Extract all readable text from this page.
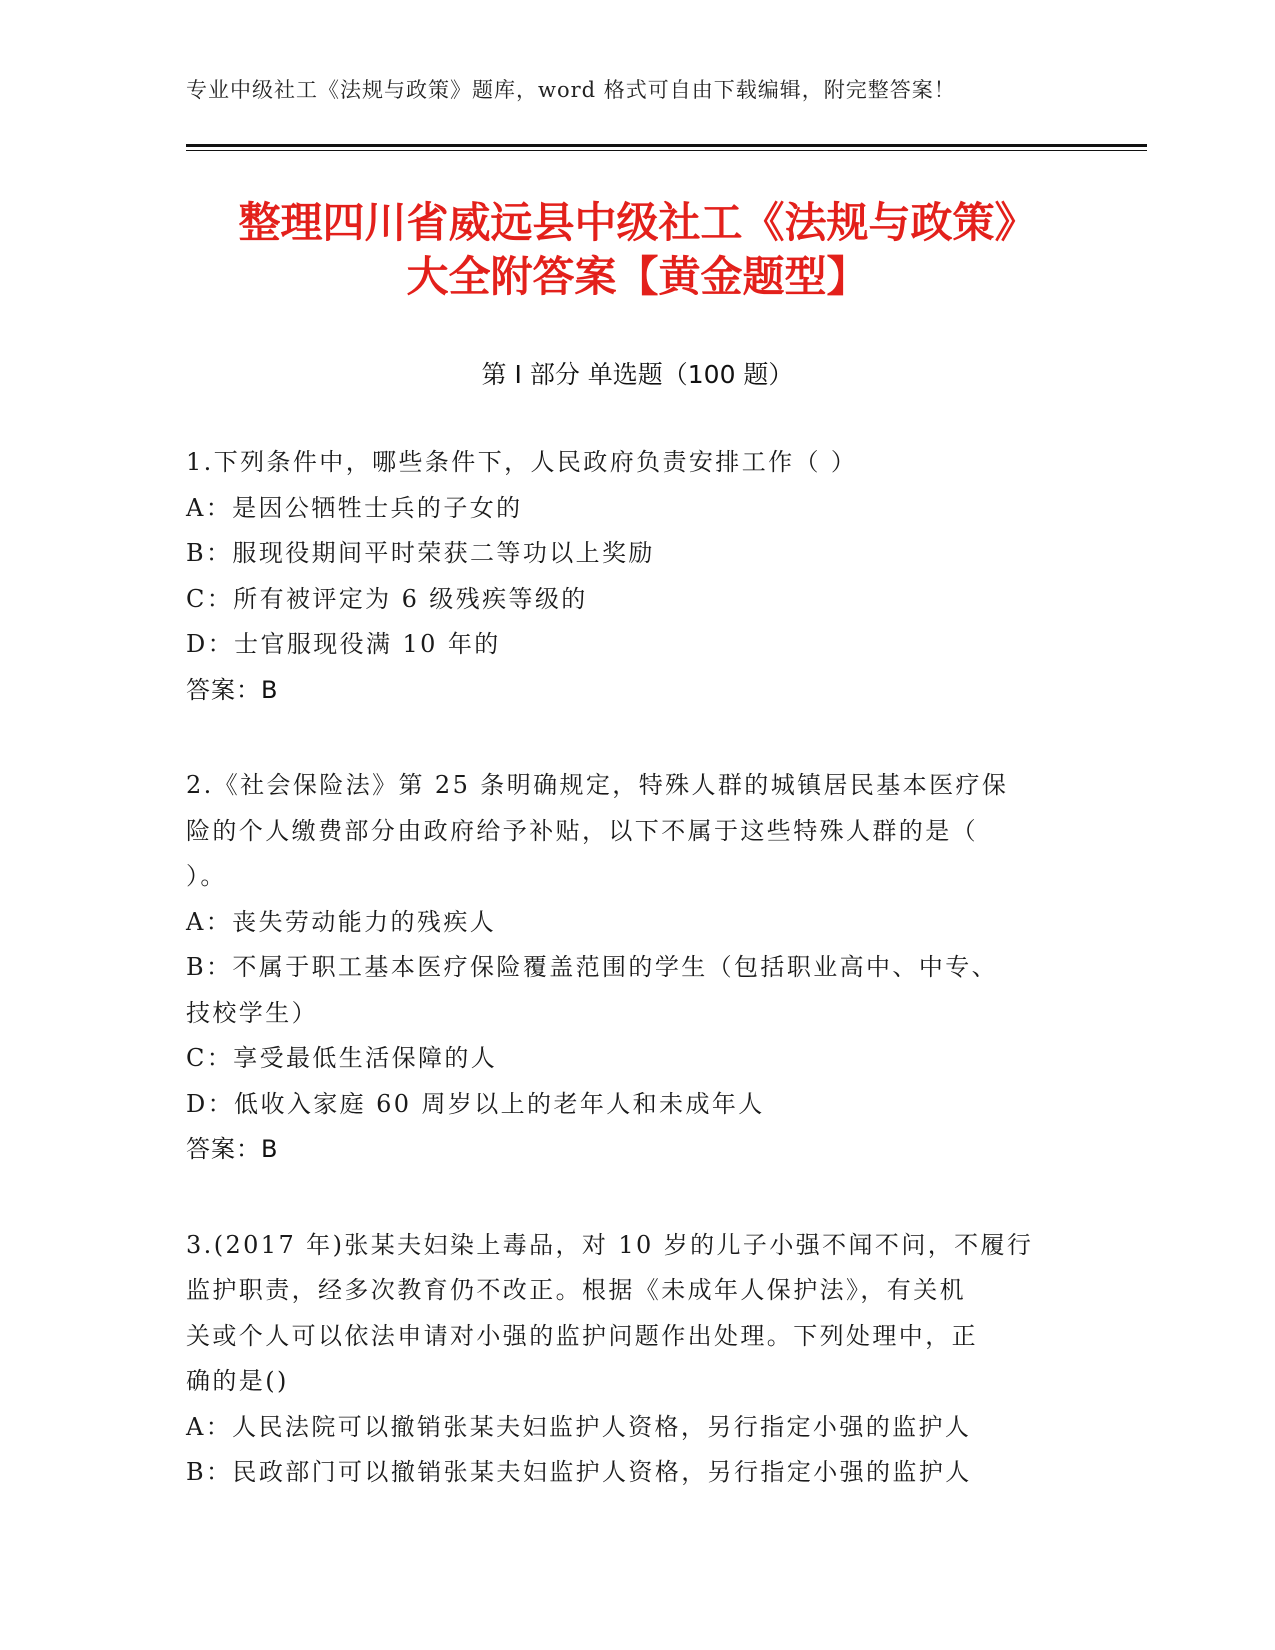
专业中级社工《法规与政策》题库，word 格式可自由下载编辑，附完整答案！
整理四川省威远县中级社工《法规与政策》
大全附答案【黄金题型】
第 I 部分 单选题（100 题）
1.下列条件中，哪些条件下，人民政府负责安排工作（ ）
A：是因公牺牲士兵的子女的
B：服现役期间平时荣获二等功以上奖励
C：所有被评定为 6 级残疾等级的
D：士官服现役满 10 年的
答案：B
2.《社会保险法》第 25 条明确规定，特殊人群的城镇居民基本医疗保
险的个人缴费部分由政府给予补贴，以下不属于这些特殊人群的是（
）。
A：丧失劳动能力的残疾人
B：不属于职工基本医疗保险覆盖范围的学生（包括职业高中、中专、
技校学生）
C：享受最低生活保障的人
D：低收入家庭 60 周岁以上的老年人和未成年人
答案：B
3.(2017 年)张某夫妇染上毒品，对 10 岁的儿子小强不闻不问，不履行
监护职责，经多次教育仍不改正。根据《未成年人保护法》，有关机
关或个人可以依法申请对小强的监护问题作出处理。下列处理中，正
确的是()
A：人民法院可以撤销张某夫妇监护人资格，另行指定小强的监护人
B：民政部门可以撤销张某夫妇监护人资格，另行指定小强的监护人
